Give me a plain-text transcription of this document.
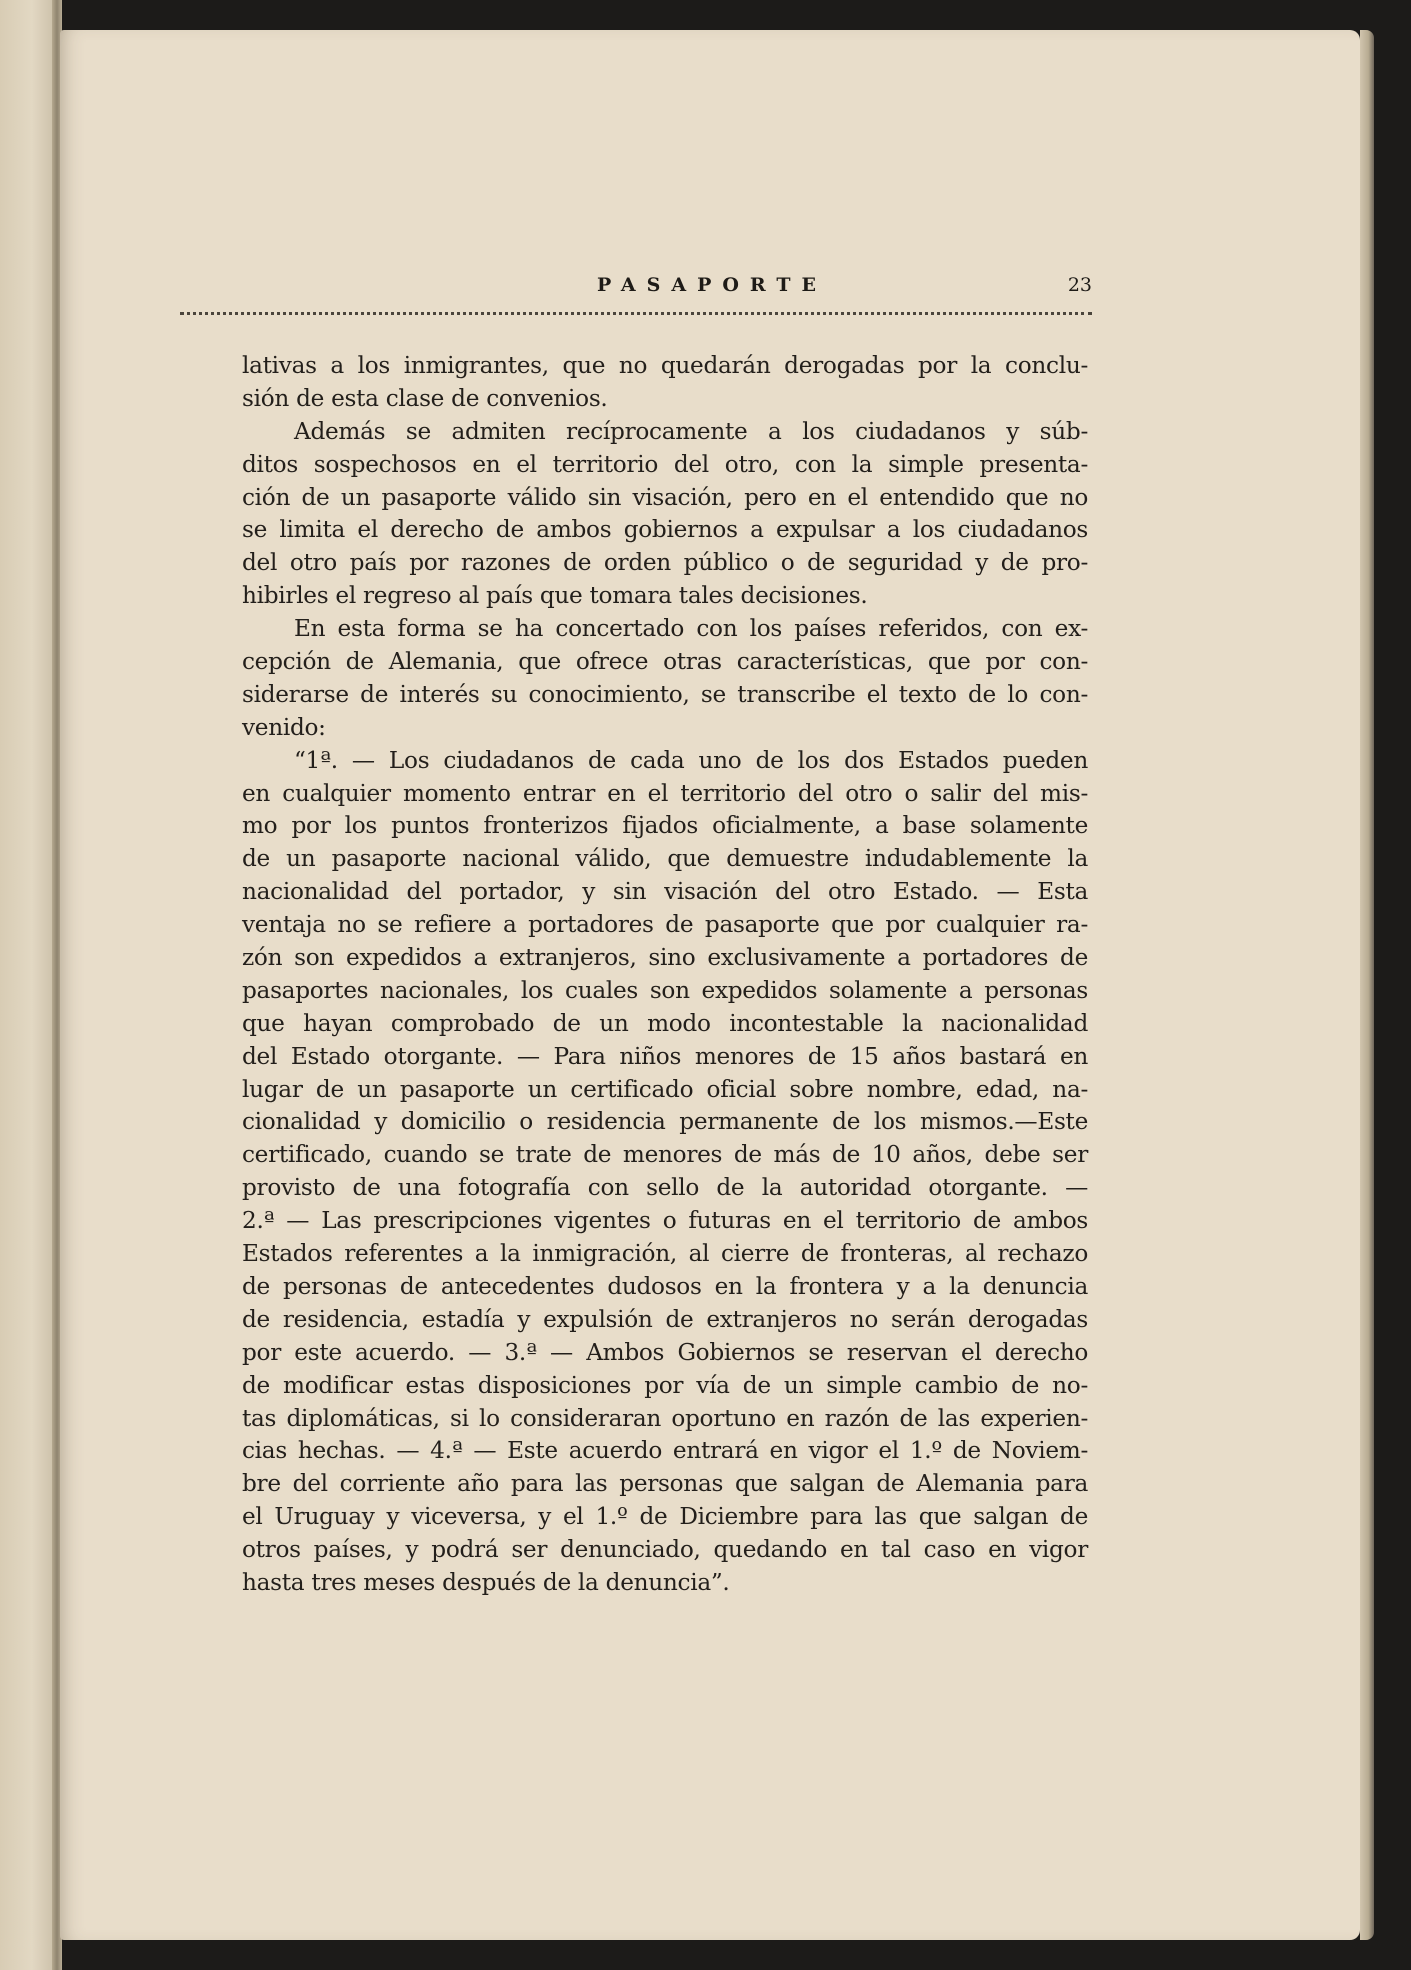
PASAPORTE	23
lativas a los inmigrantes, que no quedarán derogadas por la conclu-
sión de esta clase de convenios.
Además se admiten recíprocamente a los ciudadanos y súb-
ditos sospechosos en el territorio del otro, con la simple presenta-
ción de un pasaporte válido sin visación, pero en el entendido que no
se limita el derecho de ambos gobiernos a expulsar a los ciudadanos
del otro país por razones de orden público o de seguridad y de pro-
hibirles el regreso al país que tomara tales decisiones.
En esta forma se ha concertado con los países referidos, con ex-
cepción de Alemania, que ofrece otras características, que por con-
siderarse de interés su conocimiento, se transcribe el texto de lo con-
venido:
“1ª. — Los ciudadanos de cada uno de los dos Estados pueden
en cualquier momento entrar en el territorio del otro o salir del mis-
mo por los puntos fronterizos fijados oficialmente, a base solamente
de un pasaporte nacional válido, que demuestre indudablemente la
nacionalidad del portador, y sin visación del otro Estado. — Esta
ventaja no se refiere a portadores de pasaporte que por cualquier ra-
zón son expedidos a extranjeros, sino exclusivamente a portadores de
pasaportes nacionales, los cuales son expedidos solamente a personas
que hayan comprobado de un modo incontestable la nacionalidad
del Estado otorgante. — Para niños menores de 15 años bastará en
lugar de un pasaporte un certificado oficial sobre nombre, edad, na-
cionalidad y domicilio o residencia permanente de los mismos.—Este
certificado, cuando se trate de menores de más de 10 años, debe ser
provisto de una fotografía con sello de la autoridad otorgante. —
2.ª — Las prescripciones vigentes o futuras en el territorio de ambos
Estados referentes a la inmigración, al cierre de fronteras, al rechazo
de personas de antecedentes dudosos en la frontera y a la denuncia
de residencia, estadía y expulsión de extranjeros no serán derogadas
por este acuerdo. — 3.ª — Ambos Gobiernos se reservan el derecho
de modificar estas disposiciones por vía de un simple cambio de no-
tas diplomáticas, si lo consideraran oportuno en razón de las experien-
cias hechas. — 4.ª — Este acuerdo entrará en vigor el 1.º de Noviem-
bre del corriente año para las personas que salgan de Alemania para
el Uruguay y viceversa, y el 1.º de Diciembre para las que salgan de
otros países, y podrá ser denunciado, quedando en tal caso en vigor
hasta tres meses después de la denuncia”.
